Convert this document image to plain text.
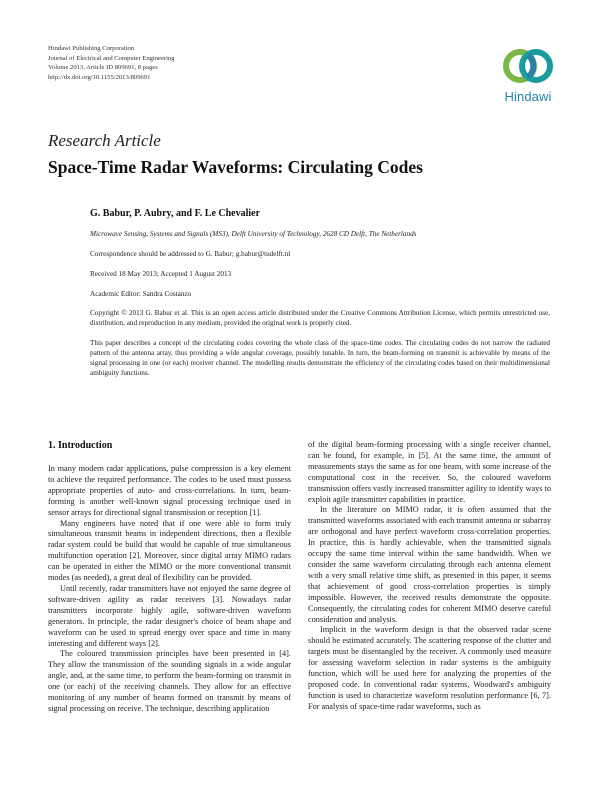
Hindawi Publishing Corporation
Journal of Electrical and Computer Engineering
Volume 2013, Article ID 809691, 8 pages
http://dx.doi.org/10.1155/2013/809691
Hindawi
Research Article
Space-Time Radar Waveforms: Circulating Codes
G. Babur, P. Aubry, and F. Le Chevalier
Microwave Sensing, Systems and Signals (MS3), Delft University of Technology, 2628 CD Delft, The Netherlands
Correspondence should be addressed to G. Babur; g.babur@tudelft.nl
Received 18 May 2013; Accepted 1 August 2013
Academic Editor: Sandra Costanzo
Copyright © 2013 G. Babur et al. This is an open access article distributed under the Creative Commons Attribution License, which permits unrestricted use, distribution, and reproduction in any medium, provided the original work is properly cited.
This paper describes a concept of the circulating codes covering the whole class of the space-time codes. The circulating codes do not narrow the radiated pattern of the antenna array, thus providing a wide angular coverage, possibly tunable. In turn, the beam-forming on transmit is achievable by means of the signal processing in one (or each) receiver channel. The modelling results demonstrate the efficiency of the circulating codes based on their multidimensional ambiguity functions.
1. Introduction

In many modern radar applications, pulse compression is a key element to achieve the required performance. The codes to be used must possess appropriate properties of auto- and cross-correlations. In turn, beam-forming is another well-known signal processing technique used in sensor arrays for directional signal transmission or reception [1].

Many engineers have noted that if one were able to form truly simultaneous transmit beams in independent directions, then a flexible radar system could be build that would be capable of true simultaneous multifunction operation [2]. Moreover, since digital array MIMO radars can be operated in either the MIMO or the more conventional transmit modes (as needed), a great deal of flexibility can be provided.

Until recently, radar transmitters have not enjoyed the same degree of software-driven agility as radar receivers [3]. Nowadays radar transmitters incorporate highly agile, software-driven waveform generators. In principle, the radar designer's choice of beam shape and waveform can be used to spread energy over space and time in many interesting and different ways [2].

The coloured transmission principles have been presented in [4]. They allow the transmission of the sounding signals in a wide angular angle, and, at the same time, to perform the beam-forming on transmit in one (or each) of the receiving channels. They allow for an effective monitoring of any number of beams formed on transmit by means of signal processing on receive. The technique, describing application

of the digital beam-forming processing with a single receiver channel, can be found, for example, in [5]. At the same time, the amount of measurements stays the same as for one beam, with some increase of the computational cost in the receiver. So, the coloured waveform transmission offers vastly increased transmitter agility to identify ways to exploit agile transmitter capabilities in practice.

In the literature on MIMO radar, it is often assumed that the transmitted waveforms associated with each transmit antenna or subarray are orthogonal and have perfect waveform cross-correlation properties. In practice, this is hardly achievable, when the transmitted signals occupy the same time interval within the same bandwidth. When we consider the same waveform circulating through each antenna element with a very small relative time shift, as presented in this paper, it seems that achievement of good cross-correlation properties is simply impossible. However, the received results demonstrate the opposite. Consequently, the circulating codes for coherent MIMO deserve careful consideration and analysis.

Implicit in the waveform design is that the observed radar scene should be estimated accurately. The scattering response of the clutter and targets must be disentangled by the receiver. A commonly used measure for assessing waveform selection in radar systems is the ambiguity function, which will be used here for analyzing the properties of the proposed code. In conventional radar systems, Woodward's ambiguity function is used to characterize waveform resolution performance [6, 7]. For analysis of space-time radar waveforms, such as
